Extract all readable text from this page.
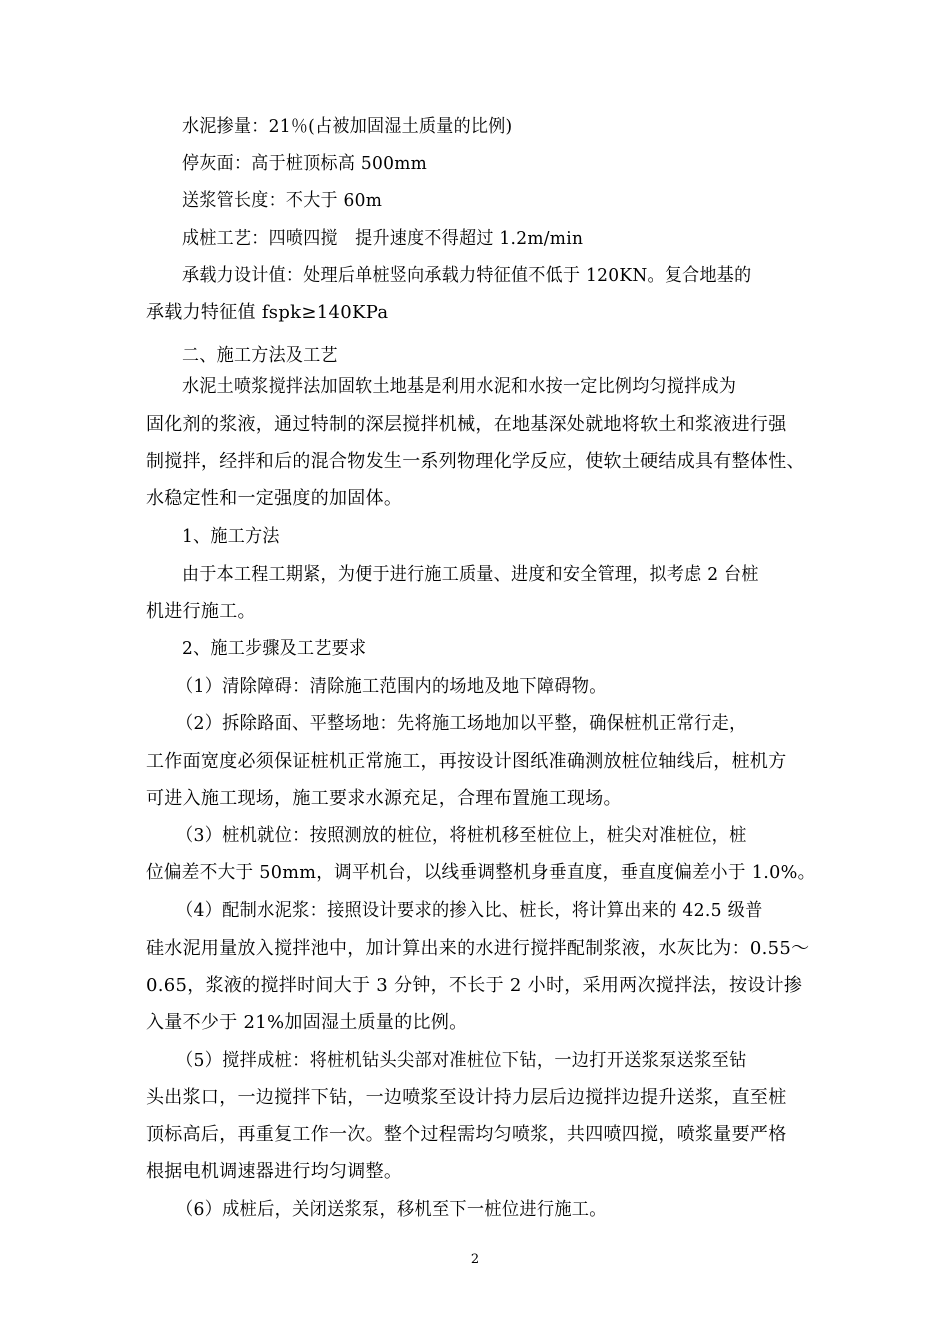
水泥掺量：21％(占被加固湿土质量的比例)
停灰面：高于桩顶标高 500mm
送浆管长度：不大于 60m
成桩工艺：四喷四搅　提升速度不得超过 1.2m/min
承载力设计值：处理后单桩竖向承载力特征值不低于 120KN。复合地基的
承载力特征值 fspk≥140KPa
二、施工方法及工艺
水泥土喷浆搅拌法加固软土地基是利用水泥和水按一定比例均匀搅拌成为
固化剂的浆液，通过特制的深层搅拌机械，在地基深处就地将软土和浆液进行强
制搅拌，经拌和后的混合物发生一系列物理化学反应，使软土硬结成具有整体性、
水稳定性和一定强度的加固体。
1、施工方法
由于本工程工期紧，为便于进行施工质量、进度和安全管理，拟考虑 2 台桩
机进行施工。
2、施工步骤及工艺要求
（1）清除障碍：清除施工范围内的场地及地下障碍物。
（2）拆除路面、平整场地：先将施工场地加以平整，确保桩机正常行走，
工作面宽度必须保证桩机正常施工，再按设计图纸准确测放桩位轴线后，桩机方
可进入施工现场，施工要求水源充足，合理布置施工现场。
（3）桩机就位：按照测放的桩位，将桩机移至桩位上，桩尖对准桩位，桩
位偏差不大于 50mm，调平机台，以线垂调整机身垂直度，垂直度偏差小于 1.0%。
（4）配制水泥浆：接照设计要求的掺入比、桩长，将计算出来的 42.5 级普
硅水泥用量放入搅拌池中，加计算出来的水进行搅拌配制浆液，水灰比为：0.55～
0.65，浆液的搅拌时间大于 3 分钟，不长于 2 小时，采用两次搅拌法，按设计掺
入量不少于 21%加固湿土质量的比例。
（5）搅拌成桩：将桩机钻头尖部对准桩位下钻，一边打开送浆泵送浆至钻
头出浆口，一边搅拌下钻，一边喷浆至设计持力层后边搅拌边提升送浆，直至桩
顶标高后，再重复工作一次。整个过程需均匀喷浆，共四喷四搅，喷浆量要严格
根据电机调速器进行均匀调整。
（6）成桩后，关闭送浆泵，移机至下一桩位进行施工。
2
